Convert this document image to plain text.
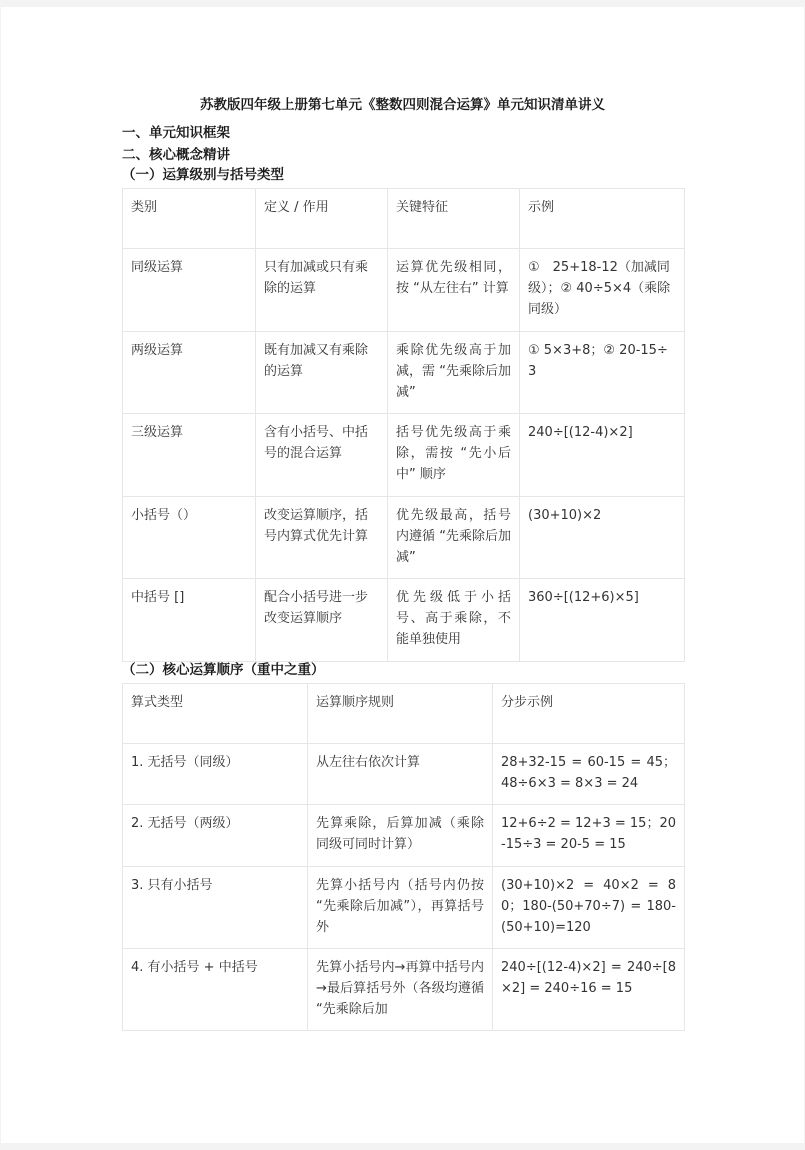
苏教版四年级上册第七单元《整数四则混合运算》单元知识清单讲义
一、单元知识框架
二、核心概念精讲
（一）运算级别与括号类型
类别	定义 / 作用	关键特征	示例
同级运算	只有加减或只有乘除的运算	运算优先级相同，按 “从左往右” 计算	①　25+18-12（加减同级）；② 40÷5×4（乘除同级）
两级运算	既有加减又有乘除的运算	乘除优先级高于加减，需 “先乘除后加减”	① 5×3+8；② 20-15÷3
三级运算	含有小括号、中括号的混合运算	括号优先级高于乘除，需按 “先小后中” 顺序	240÷[(12-4)×2]
小括号（）	改变运算顺序，括号内算式优先计算	优先级最高，括号内遵循 “先乘除后加减”	(30+10)×2
中括号 []	配合小括号进一步改变运算顺序	优先级低于小括号、高于乘除，不能单独使用	360÷[(12+6)×5]
（二）核心运算顺序（重中之重）
算式类型	运算顺序规则	分步示例
1. 无括号（同级）	从左往右依次计算	28+32-15 = 60-15 = 45；48÷6×3 = 8×3 = 24
2. 无括号（两级）	先算乘除，后算加减（乘除同级可同时计算）	12+6÷2 = 12+3 = 15；20-15÷3 = 20-5 = 15
3. 只有小括号	先算小括号内（括号内仍按 “先乘除后加减”），再算括号外	(30+10)×2 = 40×2 = 80；180-(50+70÷7) = 180-(50+10)=120
4. 有小括号 + 中括号	先算小括号内→再算中括号内→最后算括号外（各级均遵循 “先乘除后加	240÷[(12-4)×2] = 240÷[8×2] = 240÷16 = 15
